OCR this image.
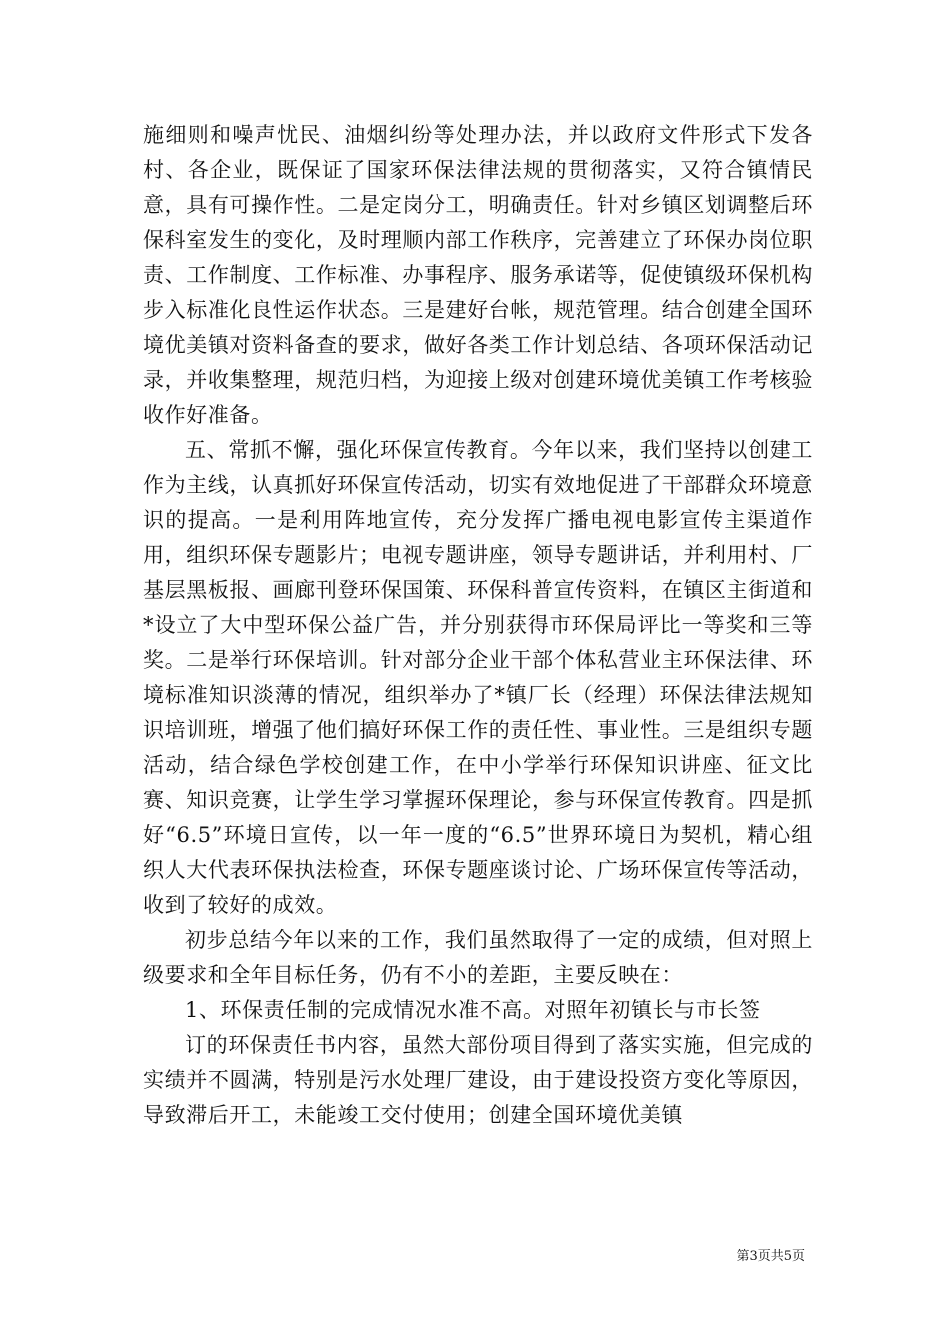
施细则和噪声忧民、油烟纠纷等处理办法，并以政府文件形式下发各村、各企业，既保证了国家环保法律法规的贯彻落实，又符合镇情民意，具有可操作性。二是定岗分工，明确责任。针对乡镇区划调整后环保科室发生的变化，及时理顺内部工作秩序，完善建立了环保办岗位职责、工作制度、工作标准、办事程序、服务承诺等，促使镇级环保机构步入标准化良性运作状态。三是建好台帐，规范管理。结合创建全国环境优美镇对资料备查的要求，做好各类工作计划总结、各项环保活动记录，并收集整理，规范归档，为迎接上级对创建环境优美镇工作考核验收作好准备。

五、常抓不懈，强化环保宣传教育。今年以来，我们坚持以创建工作为主线，认真抓好环保宣传活动，切实有效地促进了干部群众环境意识的提高。一是利用阵地宣传，充分发挥广播电视电影宣传主渠道作用，组织环保专题影片；电视专题讲座，领导专题讲话，并利用村、厂基层黑板报、画廊刊登环保国策、环保科普宣传资料，在镇区主街道和*设立了大中型环保公益广告，并分别获得市环保局评比一等奖和三等奖。二是举行环保培训。针对部分企业干部个体私营业主环保法律、环境标准知识淡薄的情况，组织举办了*镇厂长（经理）环保法律法规知识培训班，增强了他们搞好环保工作的责任性、事业性。三是组织专题活动，结合绿色学校创建工作，在中小学举行环保知识讲座、征文比赛、知识竞赛，让学生学习掌握环保理论，参与环保宣传教育。四是抓好“6.5”环境日宣传，以一年一度的“6.5”世界环境日为契机，精心组织人大代表环保执法检查，环保专题座谈讨论、广场环保宣传等活动，收到了较好的成效。

初步总结今年以来的工作，我们虽然取得了一定的成绩，但对照上级要求和全年目标任务，仍有不小的差距，主要反映在：

1、环保责任制的完成情况水准不高。对照年初镇长与市长签

订的环保责任书内容，虽然大部份项目得到了落实实施，但完成的实绩并不圆满，特别是污水处理厂建设，由于建设投资方变化等原因，导致滞后开工，未能竣工交付使用；创建全国环境优美镇

第3页共5页
